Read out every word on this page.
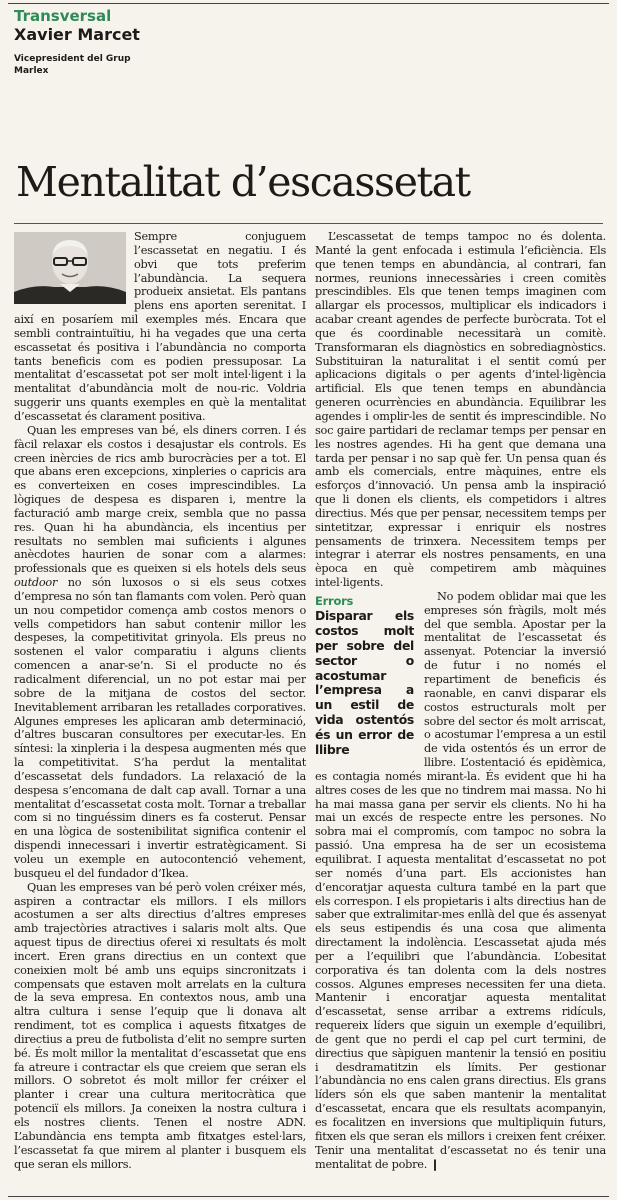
Transversal
Xavier Marcet
Vicepresident del Grup
Marlex
Mentalitat d’escassetat

Sempre conjuguem l’escassetat en negatiu. I és obvi que tots preferim l’abundància. La sequera produeix ansietat. Els pantans plens ens aporten serenitat. I així en posaríem mil exemples més. Encara que sembli contraintuïtiu, hi ha vegades que una certa escassetat és positiva i l’abundància no comporta tants beneficis com es podien pressuposar. La mentalitat d’escassetat pot ser molt intel·ligent i la mentalitat d’abundància molt de nou-ric. Voldria suggerir uns quants exemples en què la mentalitat d’escassetat és clarament positiva.

Quan les empreses van bé, els diners corren. I és fàcil relaxar els costos i desajustar els controls. Es creen inèrcies de rics amb burocràcies per a tot. El que abans eren excepcions, xinpleries o capricis ara es converteixen en coses imprescindibles. La lògiques de despesa es disparen i, mentre la facturació amb marge creix, sembla que no passa res. Quan hi ha abundància, els incentius per resultats no semblen mai suficients i algunes anècdotes haurien de sonar com a alarmes: professionals que es queixen si els hotels dels seus outdoor no són luxosos o si els seus cotxes d’empresa no són tan flamants com volen. Però quan un nou competidor comença amb costos menors o vells competidors han sabut contenir millor les despeses, la competitivitat grinyola. Els preus no sostenen el valor comparatiu i alguns clients comencen a anar-se’n. Si el producte no és radicalment diferencial, un no pot estar mai per sobre de la mitjana de costos del sector. Inevitablement arribaran les retallades corporatives. Algunes empreses les aplicaran amb determinació, d’altres buscaran consultores per executar-les. En síntesi: la xinpleria i la despesa augmenten més que la competitivitat. S’ha perdut la mentalitat d’escassetat dels fundadors. La relaxació de la despesa s’encomana de dalt cap avall. Tornar a una mentalitat d’escassetat costa molt. Tornar a treballar com si no tinguéssim diners es fa costerut. Pensar en una lògica de sostenibilitat significa contenir el dispendi innecessari i invertir estratègicament. Si voleu un exemple en autocontenció vehement, busqueu el del fundador d’Ikea.

Quan les empreses van bé però volen créixer més, aspiren a contractar els millors. I els millors acostumen a ser alts directius d’altres empreses amb trajectòries atractives i salaris molt alts. Que aquest tipus de directius oferei xi resultats és molt incert. Eren grans directius en un context que coneixien molt bé amb uns equips sincronitzats i compensats que estaven molt arrelats en la cultura de la seva empresa. En contextos nous, amb una altra cultura i sense l’equip que li donava alt rendiment, tot es complica i aquests fitxatges de directius a preu de futbolista d’elit no sempre surten bé. És molt millor la mentalitat d’escassetat que ens fa atreure i contractar els que creiem que seran els millors. O sobretot és molt millor fer créixer el planter i crear una cultura meritocràtica que potenciï els millors. Ja coneixen la nostra cultura i els nostres clients. Tenen el nostre ADN. L’abundància ens tempta amb fitxatges estel·lars, l’escassetat fa que mirem al planter i busquem els que seran els millors.

L’escassetat de temps tampoc no és dolenta. Manté la gent enfocada i estimula l’eficiència. Els que tenen temps en abundància, al contrari, fan normes, reunions innecessàries i creen comitès prescindibles. Els que tenen temps imaginen com allargar els processos, multiplicar els indicadors i acabar creant agendes de perfecte buròcrata. Tot el que és coordinable necessitarà un comitè. Transformaran els diagnòstics en sobrediagnòstics. Substituiran la naturalitat i el sentit comú per aplicacions digitals o per agents d’intel·ligència artificial. Els que tenen temps en abundància generen ocurrències en abundància. Equilibrar les agendes i omplir-les de sentit és imprescindible. No soc gaire partidari de reclamar temps per pensar en les nostres agendes. Hi ha gent que demana una tarda per pensar i no sap què fer. Un pensa quan és amb els comercials, entre màquines, entre els esforços d’innovació. Un pensa amb la inspiració que li donen els clients, els competidors i altres directius. Més que per pensar, necessitem temps per sintetitzar, expressar i enriquir els nostres pensaments de trinxera. Necessitem temps per integrar i aterrar els nostres pensaments, en una època en què competirem amb màquines intel·ligents.

Errors
Disparar els costos molt per sobre del sector o acostumar l’empresa a un estil de vida ostentós és un error de llibre

No podem oblidar mai que les empreses són fràgils, molt més del que sembla. Apostar per la mentalitat de l’escassetat és assenyat. Potenciar la inversió de futur i no només el repartiment de beneficis és raonable, en canvi disparar els costos estructurals molt per sobre del sector és molt arriscat, o acostumar l’empresa a un estil de vida ostentós és un error de llibre. L’ostentació és epidèmica, es contagia només mirant-la. És evident que hi ha altres coses de les que no tindrem mai massa. No hi ha mai massa gana per servir els clients. No hi ha mai un excés de respecte entre les persones. No sobra mai el compromís, com tampoc no sobra la passió. Una empresa ha de ser un ecosistema equilibrat. I aquesta mentalitat d’escassetat no pot ser només d’una part. Els accionistes han d’encoratjar aquesta cultura també en la part que els correspon. I els propietaris i alts directius han de saber que extralimitar-mes enllà del que és assenyat els seus estipendis és una cosa que alimenta directament la indolència. L’escassetat ajuda més per a l’equilibri que l’abundància. L’obesitat corporativa és tan dolenta com la dels nostres cossos. Algunes empreses necessiten fer una dieta. Mantenir i encoratjar aquesta mentalitat d’escassetat, sense arribar a extrems ridículs, requereix líders que siguin un exemple d’equilibri, de gent que no perdi el cap pel curt termini, de directius que sàpiguen mantenir la tensió en positiu i desdramatitzin els límits. Per gestionar l’abundància no ens calen grans directius. Els grans líders són els que saben mantenir la mentalitat d’escassetat, encara que els resultats acompanyin, es focalitzen en inversions que multipliquin futurs, fitxen els que seran els millors i creixen fent créixer. Tenir una mentalitat d’escassetat no és tenir una mentalitat de pobre. ❙
